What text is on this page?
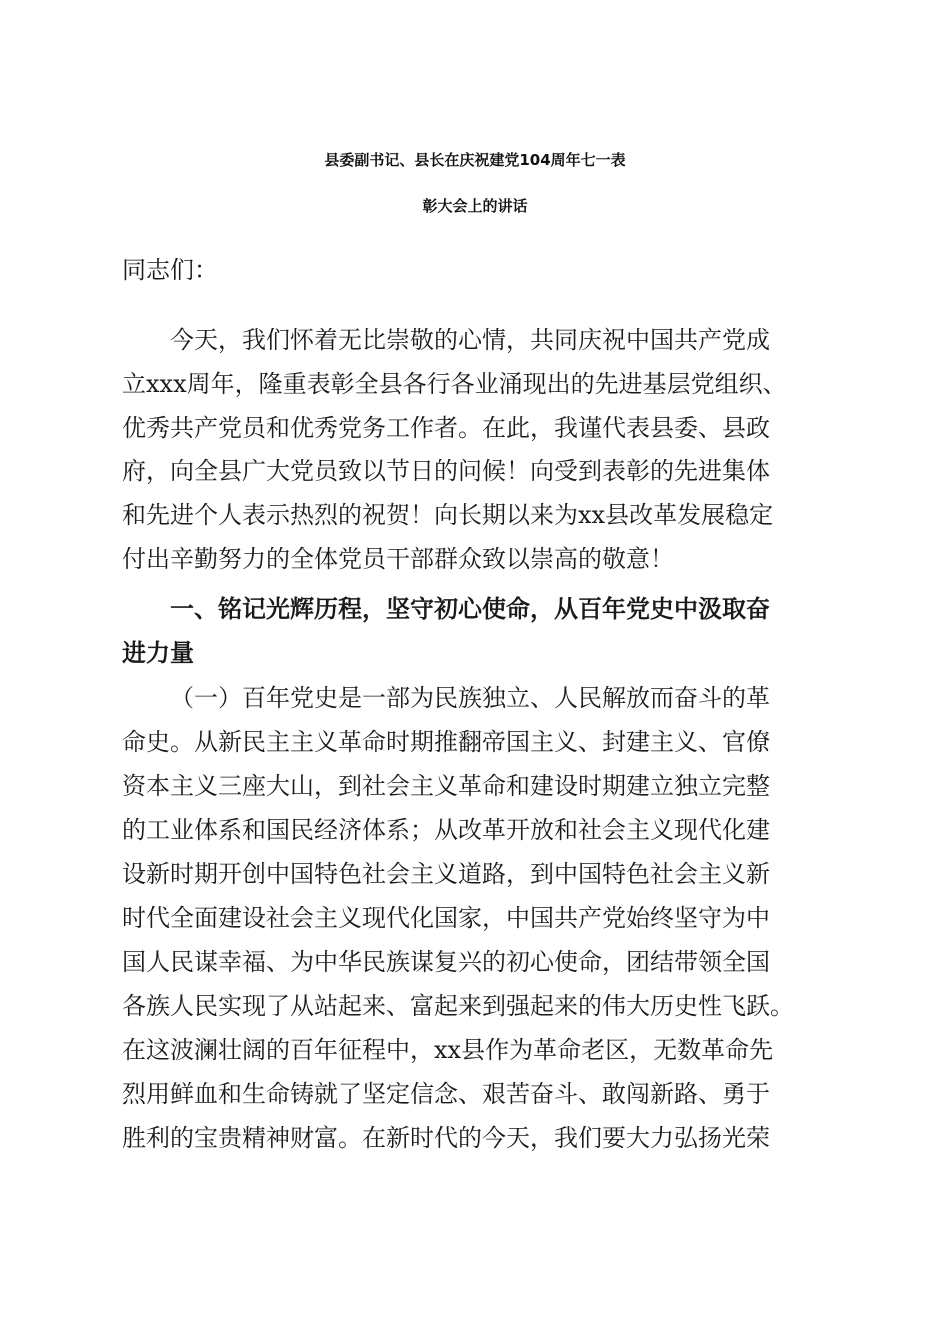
县委副书记、县长在庆祝建党104周年七一表
彰大会上的讲话
同志们：
今天，我们怀着无比崇敬的心情，共同庆祝中国共产党成
立xxx周年，隆重表彰全县各行各业涌现出的先进基层党组织、
优秀共产党员和优秀党务工作者。在此，我谨代表县委、县政
府，向全县广大党员致以节日的问候！向受到表彰的先进集体
和先进个人表示热烈的祝贺！向长期以来为xx县改革发展稳定
付出辛勤努力的全体党员干部群众致以崇高的敬意！
一、铭记光辉历程，坚守初心使命，从百年党史中汲取奋
进力量
（一）百年党史是一部为民族独立、人民解放而奋斗的革
命史。从新民主主义革命时期推翻帝国主义、封建主义、官僚
资本主义三座大山，到社会主义革命和建设时期建立独立完整
的工业体系和国民经济体系；从改革开放和社会主义现代化建
设新时期开创中国特色社会主义道路，到中国特色社会主义新
时代全面建设社会主义现代化国家，中国共产党始终坚守为中
国人民谋幸福、为中华民族谋复兴的初心使命，团结带领全国
各族人民实现了从站起来、富起来到强起来的伟大历史性飞跃。
在这波澜壮阔的百年征程中，xx县作为革命老区，无数革命先
烈用鲜血和生命铸就了坚定信念、艰苦奋斗、敢闯新路、勇于
胜利的宝贵精神财富。在新时代的今天，我们要大力弘扬光荣
